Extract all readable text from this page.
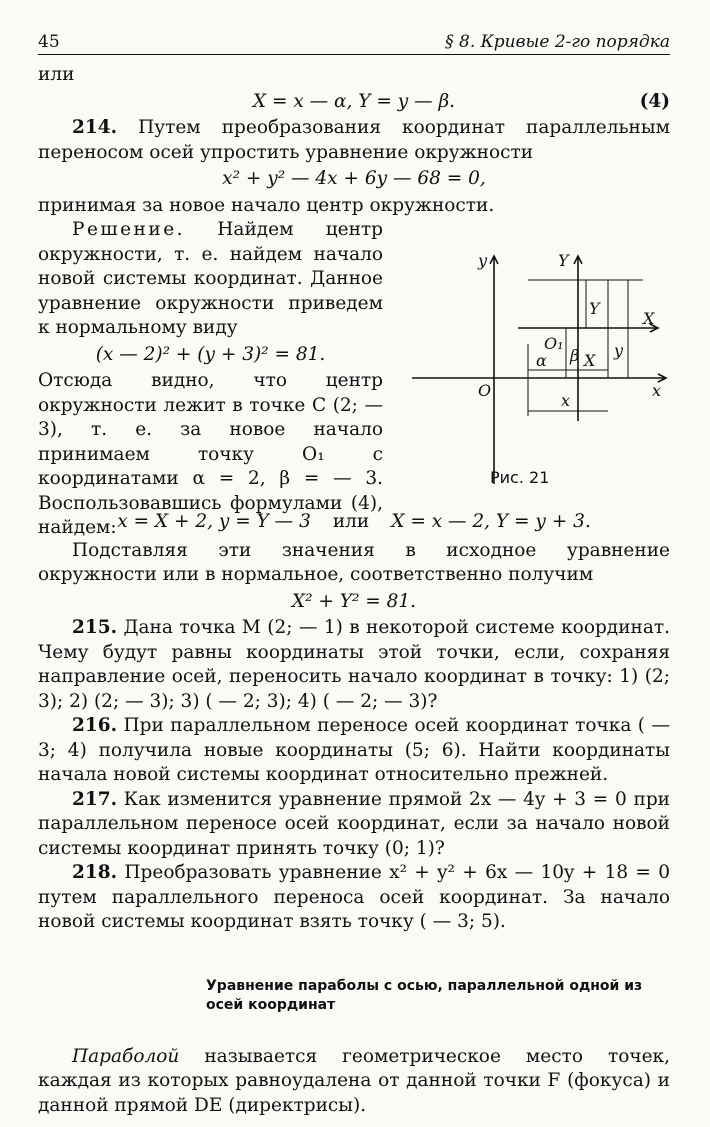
45	§ 8. Кривые 2-го порядка

или

X = x — α, Y = y — β.	(4)

214. Путем преобразования координат параллельным переносом осей упростить уравнение окружности

x² + y² — 4x + 6y — 68 = 0,

принимая за новое начало центр окружности.

Решение. Найдем центр окружности, т. е. найдем начало новой системы координат. Данное уравнение окружности приведем к нормальному виду

(x — 2)² + (y + 3)² = 81.

Отсюда видно, что центр окружности лежит в точке C (2; — 3), т. е. за новое начало принимаем точку O₁ с координатами α = 2, β = — 3. Воспользовавшись формулами (4), найдем:

y	Y
Y
O₁
X
x
O
β y
α X
x
Рис. 21
x = X + 2, y = Y — 3 или X = x — 2, Y = y + 3.

Подставляя эти значения в исходное уравнение окружности или в нормальное, соответственно получим

X² + Y² = 81.

215. Дана точка M (2; — 1) в некоторой системе координат. Чему будут равны координаты этой точки, если, сохраняя направление осей, переносить начало координат в точку: 1) (2; 3); 2) (2; — 3); 3) ( — 2; 3); 4) ( — 2; — 3)?

216. При параллельном переносе осей координат точка ( — 3; 4) получила новые координаты (5; 6). Найти координаты начала новой системы координат относительно прежней.

217. Как изменится уравнение прямой 2x — 4y + 3 = 0 при параллельном переносе осей координат, если за начало новой системы координат принять точку (0; 1)?

218. Преобразовать уравнение x² + y² + 6x — 10y + 18 = 0 путем параллельного переноса осей координат. За начало новой системы координат взять точку ( — 3; 5).

Уравнение параболы с осью, параллельной одной из осей координат

Параболой называется геометрическое место точек, каждая из которых равноудалена от данной точки F (фокуса) и данной прямой DE (директрисы).
